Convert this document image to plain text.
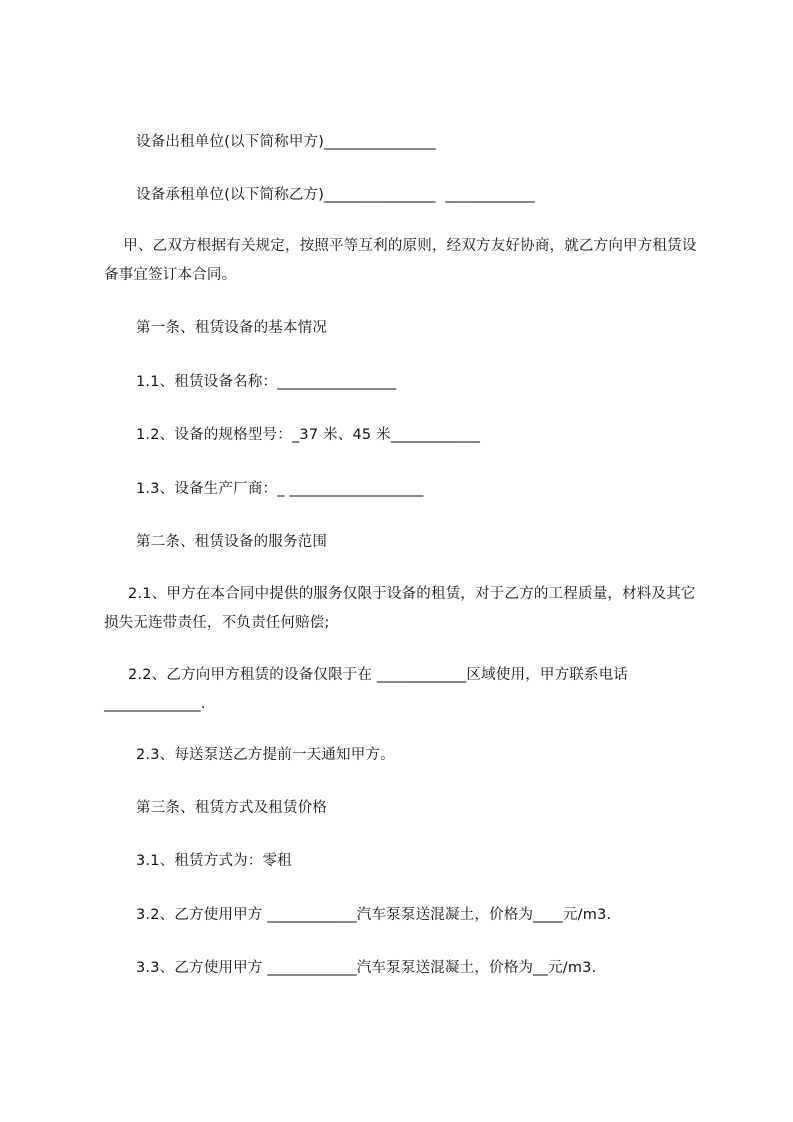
设备出租单位(以下简称甲方)_______________
设备承租单位(以下简称乙方)_______________  ____________
甲、乙双方根据有关规定，按照平等互利的原则，经双方友好协商，就乙方向甲方租赁设备事宜签订本合同。
第一条、租赁设备的基本情况
1.1、租赁设备名称：________________
1.2、设备的规格型号：_37 米、45 米____________
1.3、设备生产厂商：_ __________________
第二条、租赁设备的服务范围
2.1、甲方在本合同中提供的服务仅限于设备的租赁，对于乙方的工程质量，材料及其它损失无连带责任，不负责任何赔偿;
2.2、乙方向甲方租赁的设备仅限于在 ____________区域使用，甲方联系电话_____________.
2.3、每送泵送乙方提前一天通知甲方。
第三条、租赁方式及租赁价格
3.1、租赁方式为：零租
3.2、乙方使用甲方 ____________汽车泵泵送混凝土，价格为____元/m3.
3.3、乙方使用甲方 ____________汽车泵泵送混凝土，价格为__元/m3.
